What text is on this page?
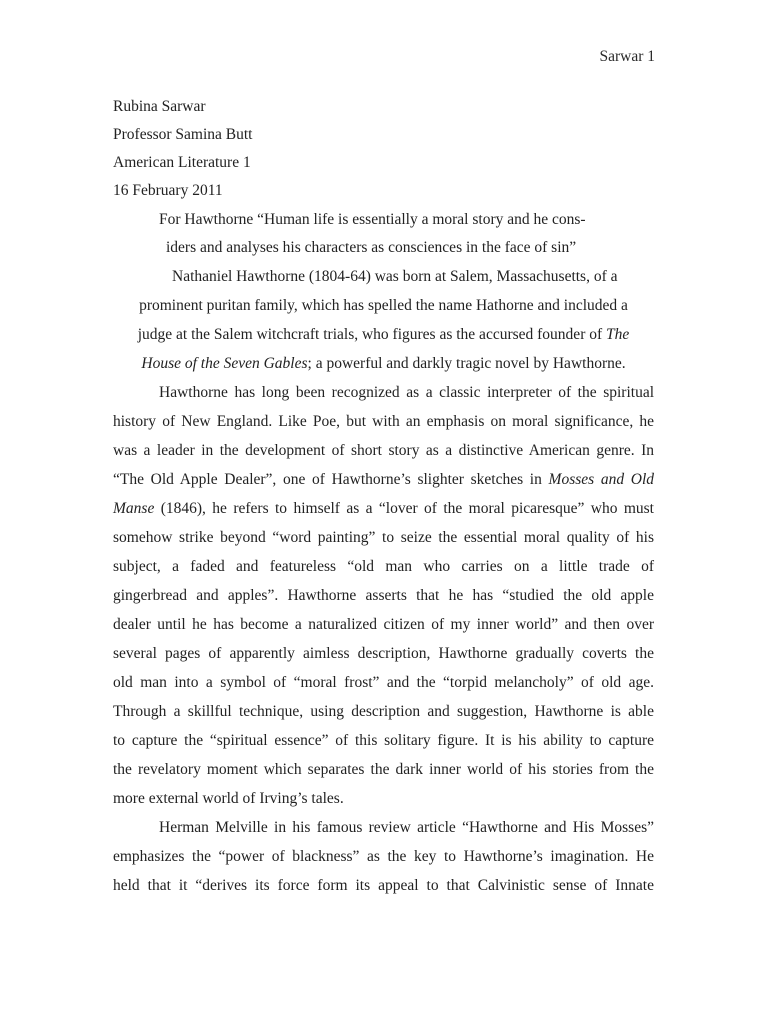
Sarwar 1
Rubina Sarwar
Professor Samina Butt
American Literature 1
16 February 2011
For Hawthorne “Human life is essentially a moral story and he cons-
iders and analyses his characters as consciences in the face of sin”
Nathaniel Hawthorne (1804-64) was born at Salem, Massachusetts, of a
prominent puritan family, which has spelled the name Hathorne and included a
judge at the Salem witchcraft trials, who figures as the accursed founder of The
House of the Seven Gables; a powerful and darkly tragic novel by Hawthorne.
Hawthorne has long been recognized as a classic interpreter of the spiritual
history of New England. Like Poe, but with an emphasis on moral significance, he
was a leader in the development of short story as a distinctive American genre. In
“The Old Apple Dealer”, one of Hawthorne’s slighter sketches in Mosses and Old
Manse (1846), he refers to himself as a “lover of the moral picaresque” who must
somehow strike beyond “word painting” to seize the essential moral quality of his
subject, a faded and featureless “old man who carries on a little trade of
gingerbread and apples”. Hawthorne asserts that he has “studied the old apple
dealer until he has become a naturalized citizen of my inner world” and then over
several pages of apparently aimless description, Hawthorne gradually coverts the
old man into a symbol of “moral frost” and the “torpid melancholy” of old age.
Through a skillful technique, using description and suggestion, Hawthorne is able
to capture the “spiritual essence” of this solitary figure. It is his ability to capture
the revelatory moment which separates the dark inner world of his stories from the
more external world of Irving’s tales.
Herman Melville in his famous review article “Hawthorne and His Mosses”
emphasizes the “power of blackness” as the key to Hawthorne’s imagination. He
held that it “derives its force form its appeal to that Calvinistic sense of Innate
